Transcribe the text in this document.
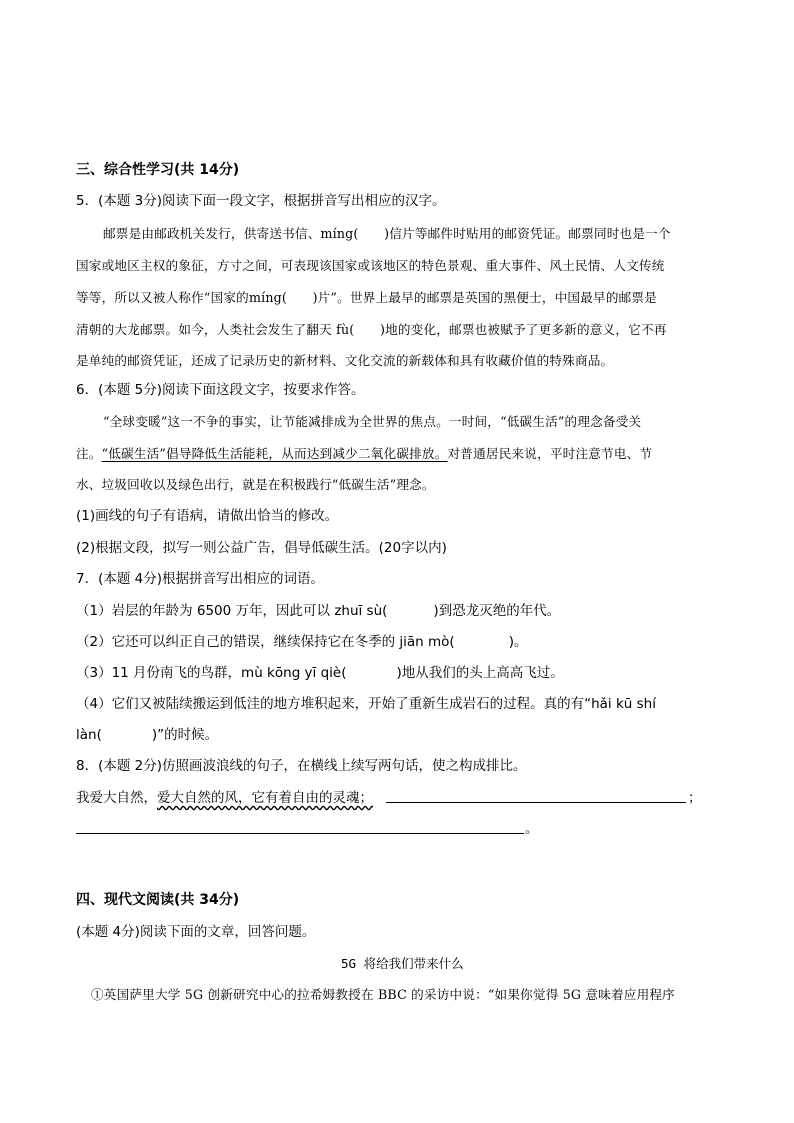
三、综合性学习(共 14分)
5．(本题 3分)阅读下面一段文字，根据拼音写出相应的汉字。
邮票是由邮政机关发行，供寄送书信、míng(　　)信片等邮件时贴用的邮资凭证。邮票同时也是一个
国家或地区主权的象征，方寸之间，可表现该国家或该地区的特色景观、重大事件、风土民情、人文传统
等等，所以又被人称作“国家的míng(　　)片”。世界上最早的邮票是英国的黑便士，中国最早的邮票是
清朝的大龙邮票。如今，人类社会发生了翻天 fù(　　)地的变化，邮票也被赋予了更多新的意义，它不再
是单纯的邮资凭证，还成了记录历史的新材料、文化交流的新载体和具有收藏价值的特殊商品。
6．(本题 5分)阅读下面这段文字，按要求作答。
“全球变暖”这一不争的事实，让节能减排成为全世界的焦点。一时间，“低碳生活”的理念备受关
注。“低碳生活”倡导降低生活能耗，从而达到减少二氧化碳排放。对普通居民来说，平时注意节电、节
水、垃圾回收以及绿色出行，就是在积极践行“低碳生活”理念。
(1)画线的句子有语病，请做出恰当的修改。
(2)根据文段，拟写一则公益广告，倡导低碳生活。(20字以内)
7．(本题 4分)根据拼音写出相应的词语。
（1）岩层的年龄为 6500 万年，因此可以 zhuī sù(	)到恐龙灭绝的年代。
（2）它还可以纠正自己的错误，继续保持它在冬季的 jiān mò(	)。
（3）11 月份南飞的鸟群，mù kōng yī qiè(	)地从我们的头上高高飞过。
（4）它们又被陆续搬运到低洼的地方堆积起来，开始了重新生成岩石的过程。真的有“hǎi kū shí
làn(	)”的时候。
8．(本题 2分)仿照画波浪线的句子，在横线上续写两句话，使之构成排比。
我爱大自然，爱大自然的风，它有着自由的灵魂；	；
。
四、现代文阅读(共 34分)
(本题 4分)阅读下面的文章，回答问题。
5G 将给我们带来什么
①英国萨里大学 5G 创新研究中心的拉希姆教授在 BBC 的采访中说：“如果你觉得 5G 意味着应用程序
